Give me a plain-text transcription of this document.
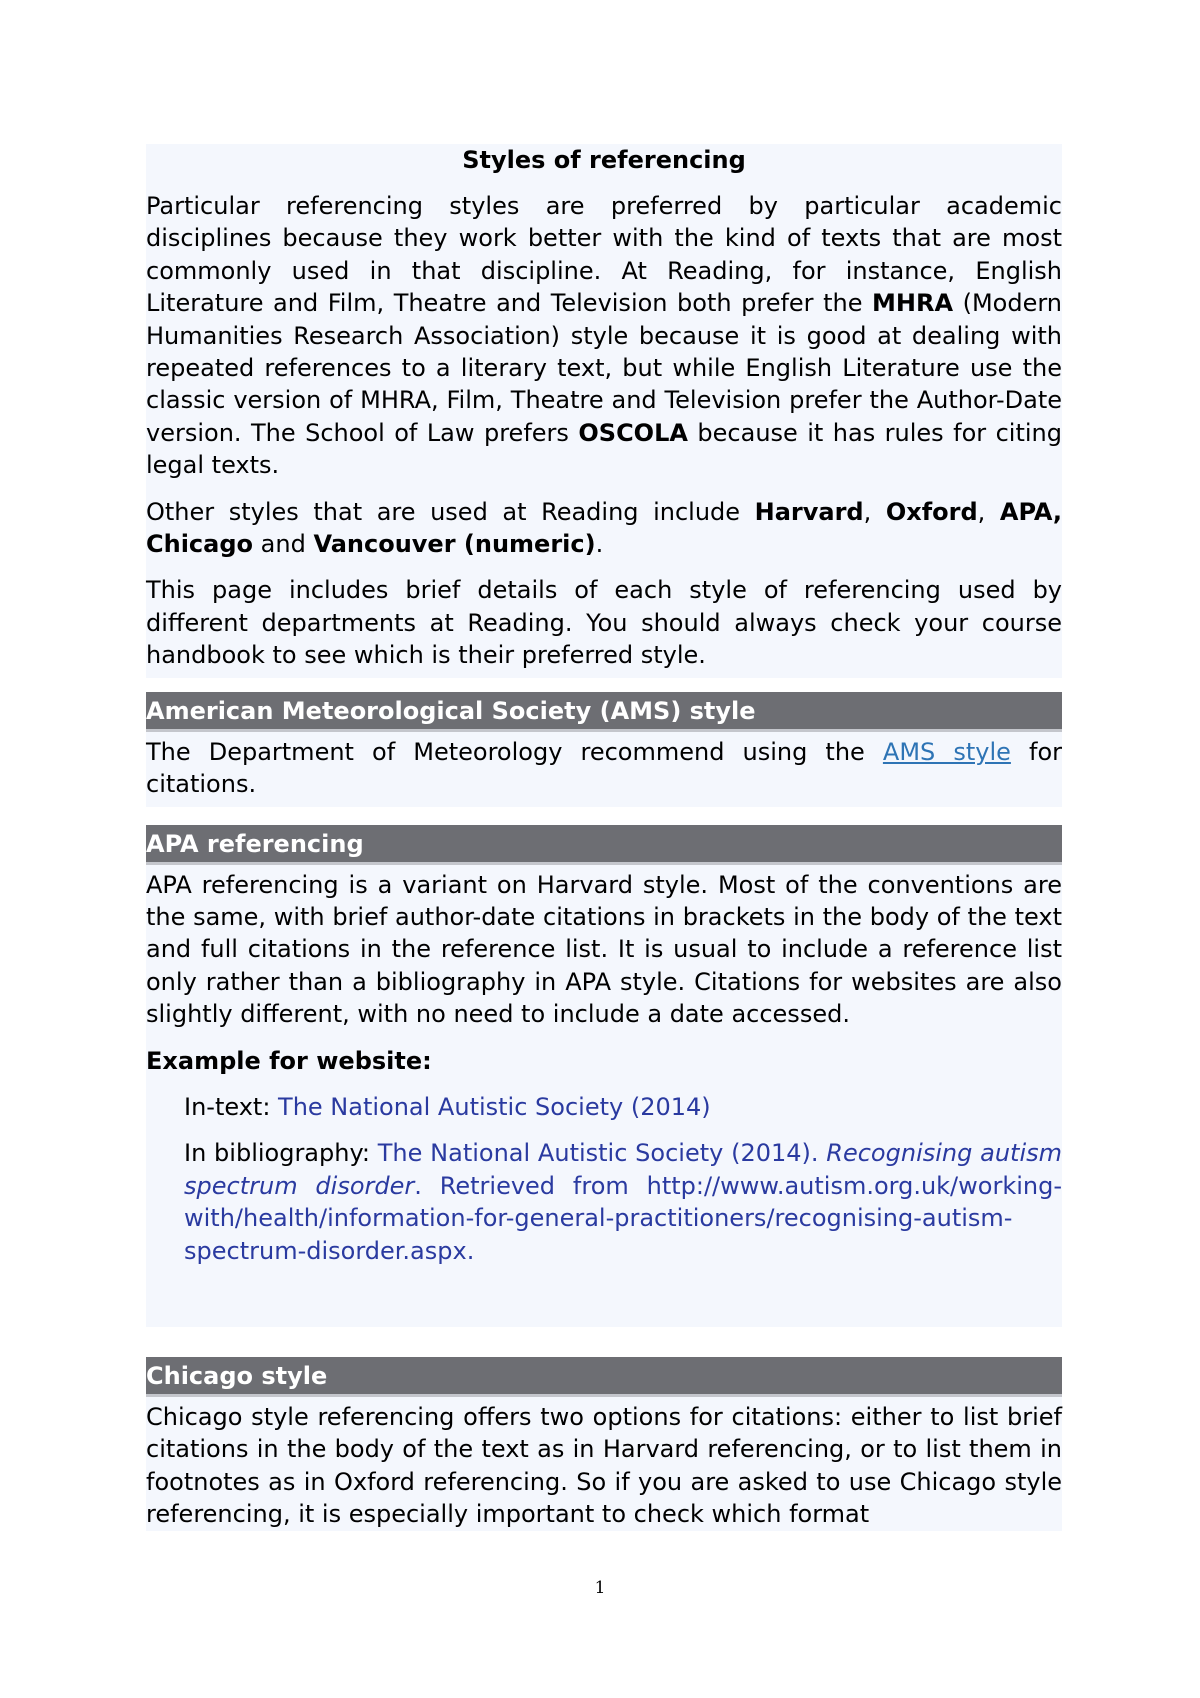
Styles of referencing

Particular referencing styles are preferred by particular academic disciplines because they work better with the kind of texts that are most commonly used in that discipline. At Reading, for instance, English Literature and Film, Theatre and Television both prefer the MHRA (Modern Humanities Research Association) style because it is good at dealing with repeated references to a literary text, but while English Literature use the classic version of MHRA, Film, Theatre and Television prefer the Author-Date version. The School of Law prefers OSCOLA because it has rules for citing legal texts.

Other styles that are used at Reading include Harvard, Oxford, APA, Chicago and Vancouver (numeric).

This page includes brief details of each style of referencing used by different departments at Reading. You should always check your course handbook to see which is their preferred style.

American Meteorological Society (AMS) style

The Department of Meteorology recommend using the AMS style for citations.

APA referencing

APA referencing is a variant on Harvard style. Most of the conventions are the same, with brief author-date citations in brackets in the body of the text and full citations in the reference list. It is usual to include a reference list only rather than a bibliography in APA style. Citations for websites are also slightly different, with no need to include a date accessed.

Example for website:

In-text: The National Autistic Society (2014)

In bibliography: The National Autistic Society (2014). Recognising autism spectrum disorder. Retrieved from http://www.autism.org.uk/working-with/health/information-for-general-practitioners/recognising-autism-spectrum-disorder.aspx.

Chicago style

Chicago style referencing offers two options for citations: either to list brief citations in the body of the text as in Harvard referencing, or to list them in footnotes as in Oxford referencing. So if you are asked to use Chicago style referencing, it is especially important to check which format

1
